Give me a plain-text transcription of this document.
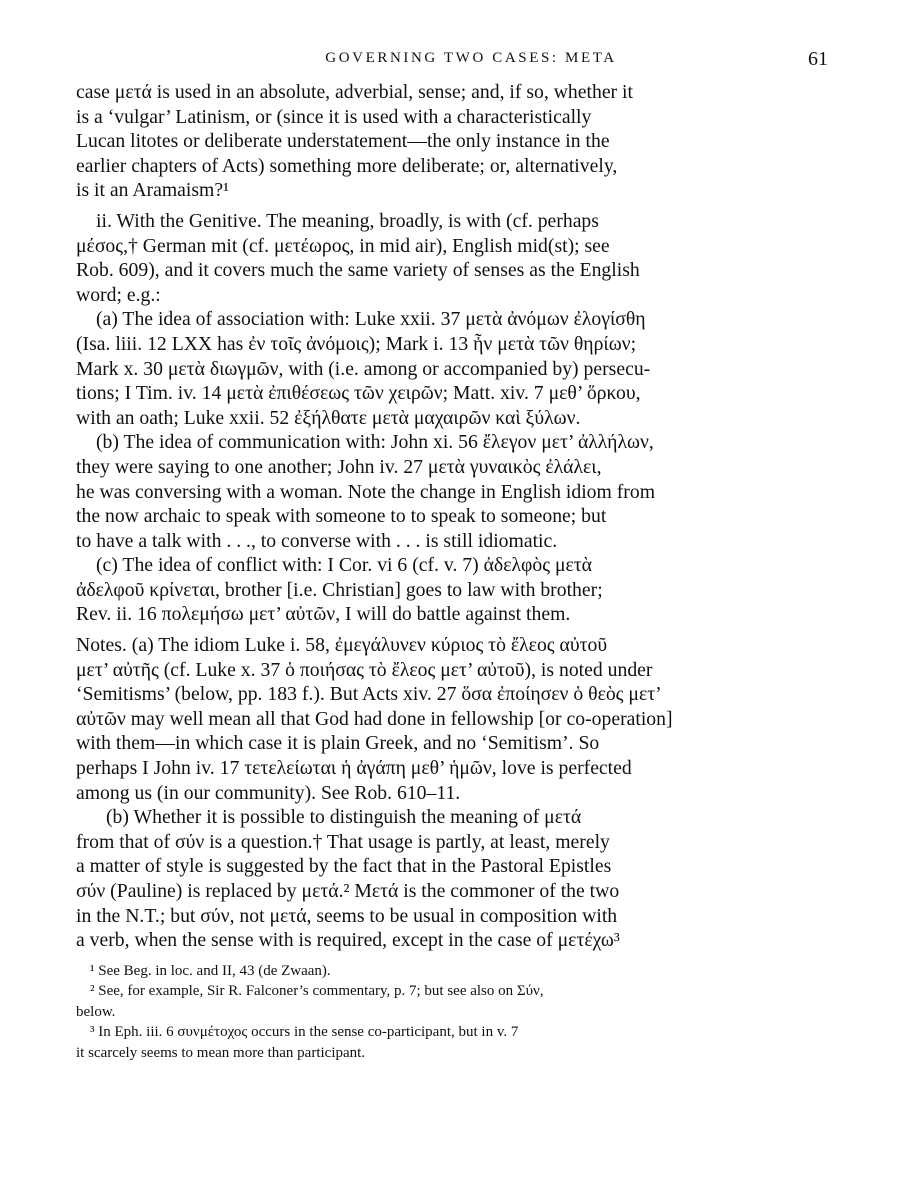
GOVERNING TWO CASES: META	61

case μετά is used in an absolute, adverbial, sense; and, if so, whether it

is a ‘vulgar’ Latinism, or (since it is used with a characteristically

Lucan litotes or deliberate understatement—the only instance in the

earlier chapters of Acts) something more deliberate; or, alternatively,

is it an Aramaism?¹

ii. With the Genitive. The meaning, broadly, is with (cf. perhaps

μέσος,† German mit (cf. μετέωρος, in mid air), English mid(st); see

Rob. 609), and it covers much the same variety of senses as the English

word; e.g.:

(a) The idea of association with: Luke xxii. 37 μετὰ ἀνόμων ἐλογίσθη

(Isa. liii. 12 LXX has ἐν τοῖς ἀνόμοις); Mark i. 13 ἦν μετὰ τῶν θηρίων;

Mark x. 30 μετὰ διωγμῶν, with (i.e. among or accompanied by) persecu-

tions; I Tim. iv. 14 μετὰ ἐπιθέσεως τῶν χειρῶν; Matt. xiv. 7 μεθ’ ὅρκου,

with an oath; Luke xxii. 52 ἐξήλθατε μετὰ μαχαιρῶν καὶ ξύλων.

(b) The idea of communication with: John xi. 56 ἔλεγον μετ’ ἀλλήλων,

they were saying to one another; John iv. 27 μετὰ γυναικὸς ἐλάλει,

he was conversing with a woman. Note the change in English idiom from

the now archaic to speak with someone to to speak to someone; but

to have a talk with . . ., to converse with . . . is still idiomatic.

(c) The idea of conflict with: I Cor. vi 6 (cf. v. 7) ἀδελφὸς μετὰ

ἀδελφοῦ κρίνεται, brother [i.e. Christian] goes to law with brother;

Rev. ii. 16 πολεμήσω μετ’ αὐτῶν, I will do battle against them.

Notes. (a) The idiom Luke i. 58, ἐμεγάλυνεν κύριος τὸ ἔλεος αὐτοῦ

μετ’ αὐτῆς (cf. Luke x. 37 ὁ ποιήσας τὸ ἔλεος μετ’ αὐτοῦ), is noted under

‘Semitisms’ (below, pp. 183 f.). But Acts xiv. 27 ὅσα ἐποίησεν ὁ θεὸς μετ’

αὐτῶν may well mean all that God had done in fellowship [or co-operation]

with them—in which case it is plain Greek, and no ‘Semitism’. So

perhaps I John iv. 17 τετελείωται ἡ ἀγάπη μεθ’ ἡμῶν, love is perfected

among us (in our community). See Rob. 610–11.

(b) Whether it is possible to distinguish the meaning of μετά

from that of σύν is a question.† That usage is partly, at least, merely

a matter of style is suggested by the fact that in the Pastoral Epistles

σύν (Pauline) is replaced by μετά.² Μετά is the commoner of the two

in the N.T.; but σύν, not μετά, seems to be usual in composition with

a verb, when the sense with is required, except in the case of μετέχω³

¹ See Beg. in loc. and II, 43 (de Zwaan).

² See, for example, Sir R. Falconer’s commentary, p. 7; but see also on Σύν,

below.

³ In Eph. iii. 6 συνμέτοχος occurs in the sense co-participant, but in v. 7

it scarcely seems to mean more than participant.
